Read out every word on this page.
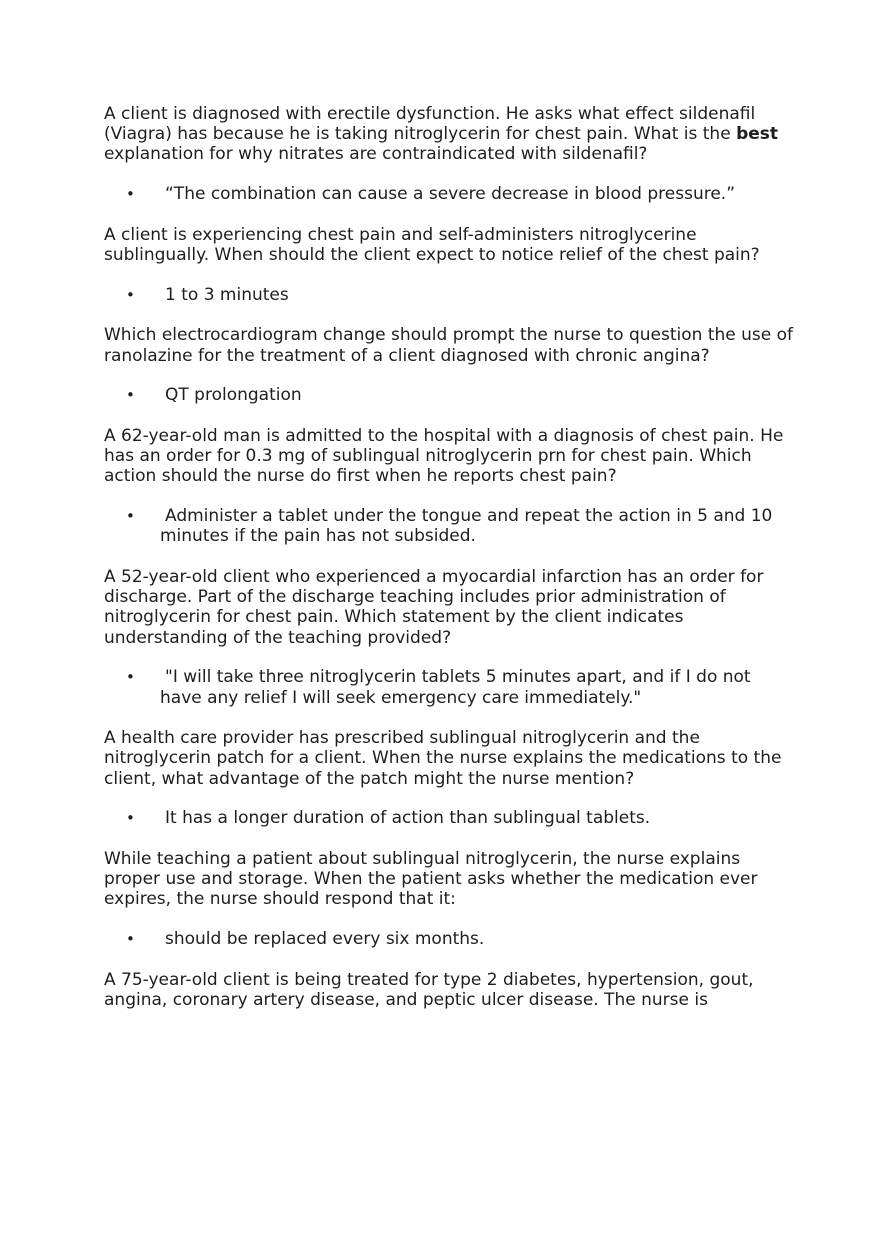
A client is diagnosed with erectile dysfunction. He asks what effect sildenafil (Viagra) has because he is taking nitroglycerin for chest pain. What is the best explanation for why nitrates are contraindicated with sildenafil?

• “The combination can cause a severe decrease in blood pressure.”

A client is experiencing chest pain and self-administers nitroglycerine sublingually. When should the client expect to notice relief of the chest pain?

• 1 to 3 minutes

Which electrocardiogram change should prompt the nurse to question the use of ranolazine for the treatment of a client diagnosed with chronic angina?

• QT prolongation

A 62-year-old man is admitted to the hospital with a diagnosis of chest pain. He has an order for 0.3 mg of sublingual nitroglycerin prn for chest pain. Which action should the nurse do first when he reports chest pain?

• Administer a tablet under the tongue and repeat the action in 5 and 10 minutes if the pain has not subsided.

A 52-year-old client who experienced a myocardial infarction has an order for discharge. Part of the discharge teaching includes prior administration of nitroglycerin for chest pain. Which statement by the client indicates understanding of the teaching provided?

• "I will take three nitroglycerin tablets 5 minutes apart, and if I do not have any relief I will seek emergency care immediately."

A health care provider has prescribed sublingual nitroglycerin and the nitroglycerin patch for a client. When the nurse explains the medications to the client, what advantage of the patch might the nurse mention?

• It has a longer duration of action than sublingual tablets.

While teaching a patient about sublingual nitroglycerin, the nurse explains proper use and storage. When the patient asks whether the medication ever expires, the nurse should respond that it:

• should be replaced every six months.

A 75-year-old client is being treated for type 2 diabetes, hypertension, gout, angina, coronary artery disease, and peptic ulcer disease. The nurse is
